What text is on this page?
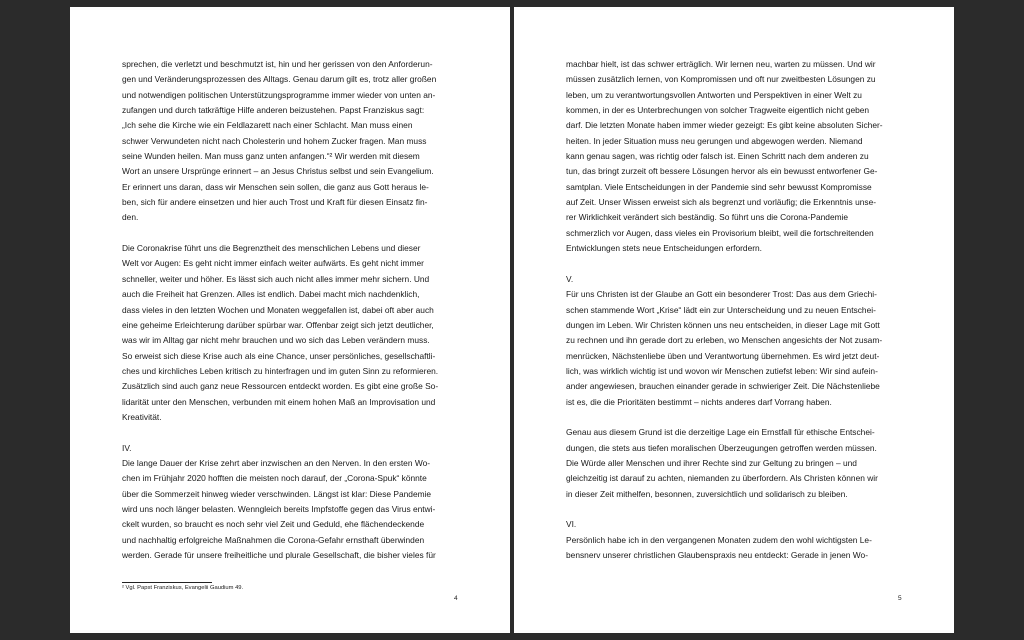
sprechen, die verletzt und beschmutzt ist, hin und her gerissen von den Anforderun-
gen und Veränderungsprozessen des Alltags. Genau darum gilt es, trotz aller großen
und notwendigen politischen Unterstützungsprogramme immer wieder von unten an-
zufangen und durch tatkräftige Hilfe anderen beizustehen. Papst Franziskus sagt:
„Ich sehe die Kirche wie ein Feldlazarett nach einer Schlacht. Man muss einen
schwer Verwundeten nicht nach Cholesterin und hohem Zucker fragen. Man muss
seine Wunden heilen. Man muss ganz unten anfangen.“² Wir werden mit diesem
Wort an unsere Ursprünge erinnert – an Jesus Christus selbst und sein Evangelium.
Er erinnert uns daran, dass wir Menschen sein sollen, die ganz aus Gott heraus le-
ben, sich für andere einsetzen und hier auch Trost und Kraft für diesen Einsatz fin-
den.
Die Coronakrise führt uns die Begrenztheit des menschlichen Lebens und dieser
Welt vor Augen: Es geht nicht immer einfach weiter aufwärts. Es geht nicht immer
schneller, weiter und höher. Es lässt sich auch nicht alles immer mehr sichern. Und
auch die Freiheit hat Grenzen. Alles ist endlich. Dabei macht mich nachdenklich,
dass vieles in den letzten Wochen und Monaten weggefallen ist, dabei oft aber auch
eine geheime Erleichterung darüber spürbar war. Offenbar zeigt sich jetzt deutlicher,
was wir im Alltag gar nicht mehr brauchen und wo sich das Leben verändern muss.
So erweist sich diese Krise auch als eine Chance, unser persönliches, gesellschaftli-
ches und kirchliches Leben kritisch zu hinterfragen und im guten Sinn zu reformieren.
Zusätzlich sind auch ganz neue Ressourcen entdeckt worden. Es gibt eine große So-
lidarität unter den Menschen, verbunden mit einem hohen Maß an Improvisation und
Kreativität.
IV.
Die lange Dauer der Krise zehrt aber inzwischen an den Nerven. In den ersten Wo-
chen im Frühjahr 2020 hofften die meisten noch darauf, der „Corona-Spuk“ könnte
über die Sommerzeit hinweg wieder verschwinden. Längst ist klar: Diese Pandemie
wird uns noch länger belasten. Wenngleich bereits Impfstoffe gegen das Virus entwi-
ckelt wurden, so braucht es noch sehr viel Zeit und Geduld, ehe flächendeckende
und nachhaltig erfolgreiche Maßnahmen die Corona-Gefahr ernsthaft überwinden
werden. Gerade für unsere freiheitliche und plurale Gesellschaft, die bisher vieles für
² Vgl. Papst Franziskus, Evangelii Gaudium 49.
4
machbar hielt, ist das schwer erträglich. Wir lernen neu, warten zu müssen. Und wir
müssen zusätzlich lernen, von Kompromissen und oft nur zweitbesten Lösungen zu
leben, um zu verantwortungsvollen Antworten und Perspektiven in einer Welt zu
kommen, in der es Unterbrechungen von solcher Tragweite eigentlich nicht geben
darf. Die letzten Monate haben immer wieder gezeigt: Es gibt keine absoluten Sicher-
heiten. In jeder Situation muss neu gerungen und abgewogen werden. Niemand
kann genau sagen, was richtig oder falsch ist. Einen Schritt nach dem anderen zu
tun, das bringt zurzeit oft bessere Lösungen hervor als ein bewusst entworfener Ge-
samtplan. Viele Entscheidungen in der Pandemie sind sehr bewusst Kompromisse
auf Zeit. Unser Wissen erweist sich als begrenzt und vorläufig; die Erkenntnis unse-
rer Wirklichkeit verändert sich beständig. So führt uns die Corona-Pandemie
schmerzlich vor Augen, dass vieles ein Provisorium bleibt, weil die fortschreitenden
Entwicklungen stets neue Entscheidungen erfordern.
V.
Für uns Christen ist der Glaube an Gott ein besonderer Trost: Das aus dem Griechi-
schen stammende Wort „Krise“ lädt ein zur Unterscheidung und zu neuen Entschei-
dungen im Leben. Wir Christen können uns neu entscheiden, in dieser Lage mit Gott
zu rechnen und ihn gerade dort zu erleben, wo Menschen angesichts der Not zusam-
menrücken, Nächstenliebe üben und Verantwortung übernehmen. Es wird jetzt deut-
lich, was wirklich wichtig ist und wovon wir Menschen zutiefst leben: Wir sind aufein-
ander angewiesen, brauchen einander gerade in schwieriger Zeit. Die Nächstenliebe
ist es, die die Prioritäten bestimmt – nichts anderes darf Vorrang haben.
Genau aus diesem Grund ist die derzeitige Lage ein Ernstfall für ethische Entschei-
dungen, die stets aus tiefen moralischen Überzeugungen getroffen werden müssen.
Die Würde aller Menschen und ihrer Rechte sind zur Geltung zu bringen – und
gleichzeitig ist darauf zu achten, niemanden zu überfordern. Als Christen können wir
in dieser Zeit mithelfen, besonnen, zuversichtlich und solidarisch zu bleiben.
VI.
Persönlich habe ich in den vergangenen Monaten zudem den wohl wichtigsten Le-
bensnerv unserer christlichen Glaubenspraxis neu entdeckt: Gerade in jenen Wo-
5
